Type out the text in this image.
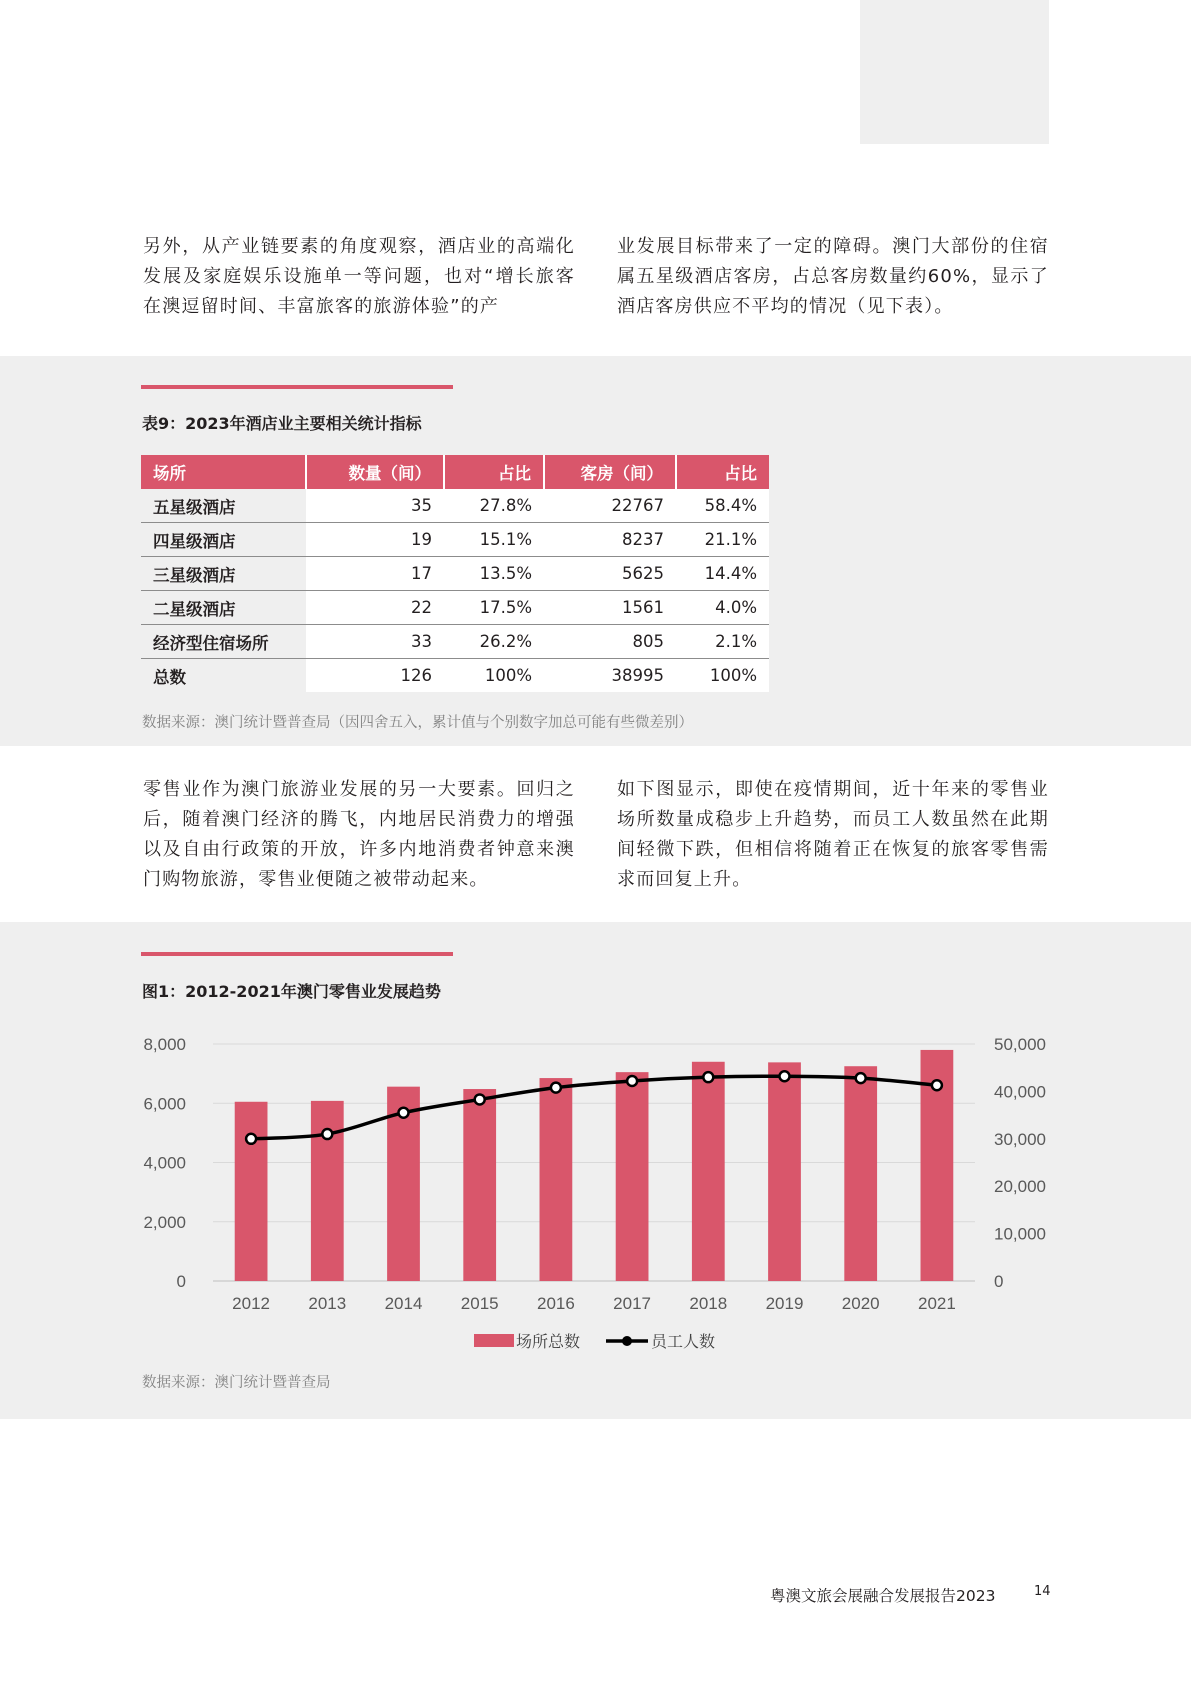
另外，从产业链要素的角度观察，酒店业的高端化发展及家庭娱乐设施单一等问题，也对“增长旅客在澳逗留时间、丰富旅客的旅游体验”的产

业发展目标带来了一定的障碍。澳门大部份的住宿属五星级酒店客房，占总客房数量约60%，显示了酒店客房供应不平均的情况（见下表）。

表9：2023年酒店业主要相关统计指标
场所	数量（间）	占比	客房（间）	占比
五星级酒店	35	27.8%	22767	58.4%
四星级酒店	19	15.1%	8237	21.1%
三星级酒店	17	13.5%	5625	14.4%
二星级酒店	22	17.5%	1561	4.0%
经济型住宿场所	33	26.2%	805	2.1%
总数	126	100%	38995	100%
数据来源：澳门统计暨普查局（因四舍五入，累计值与个别数字加总可能有些微差别）

零售业作为澳门旅游业发展的另一大要素。回归之后，随着澳门经济的腾飞，内地居民消费力的增强以及自由行政策的开放，许多内地消费者钟意来澳门购物旅游，零售业便随之被带动起来。

如下图显示，即使在疫情期间，近十年来的零售业场所数量成稳步上升趋势，而员工人数虽然在此期间轻微下跌，但相信将随着正在恢复的旅客零售需求而回复上升。

图1：2012-2021年澳门零售业发展趋势
0
2,000
4,000
6,000
8,000
0
10,000
20,000
30,000
40,000
50,000
2012 2013 2014 2015 2016 2017 2018 2019 2020 2021
场所总数	员工人数
数据来源：澳门统计暨普查局
粤澳文旅会展融合发展报告2023	14
